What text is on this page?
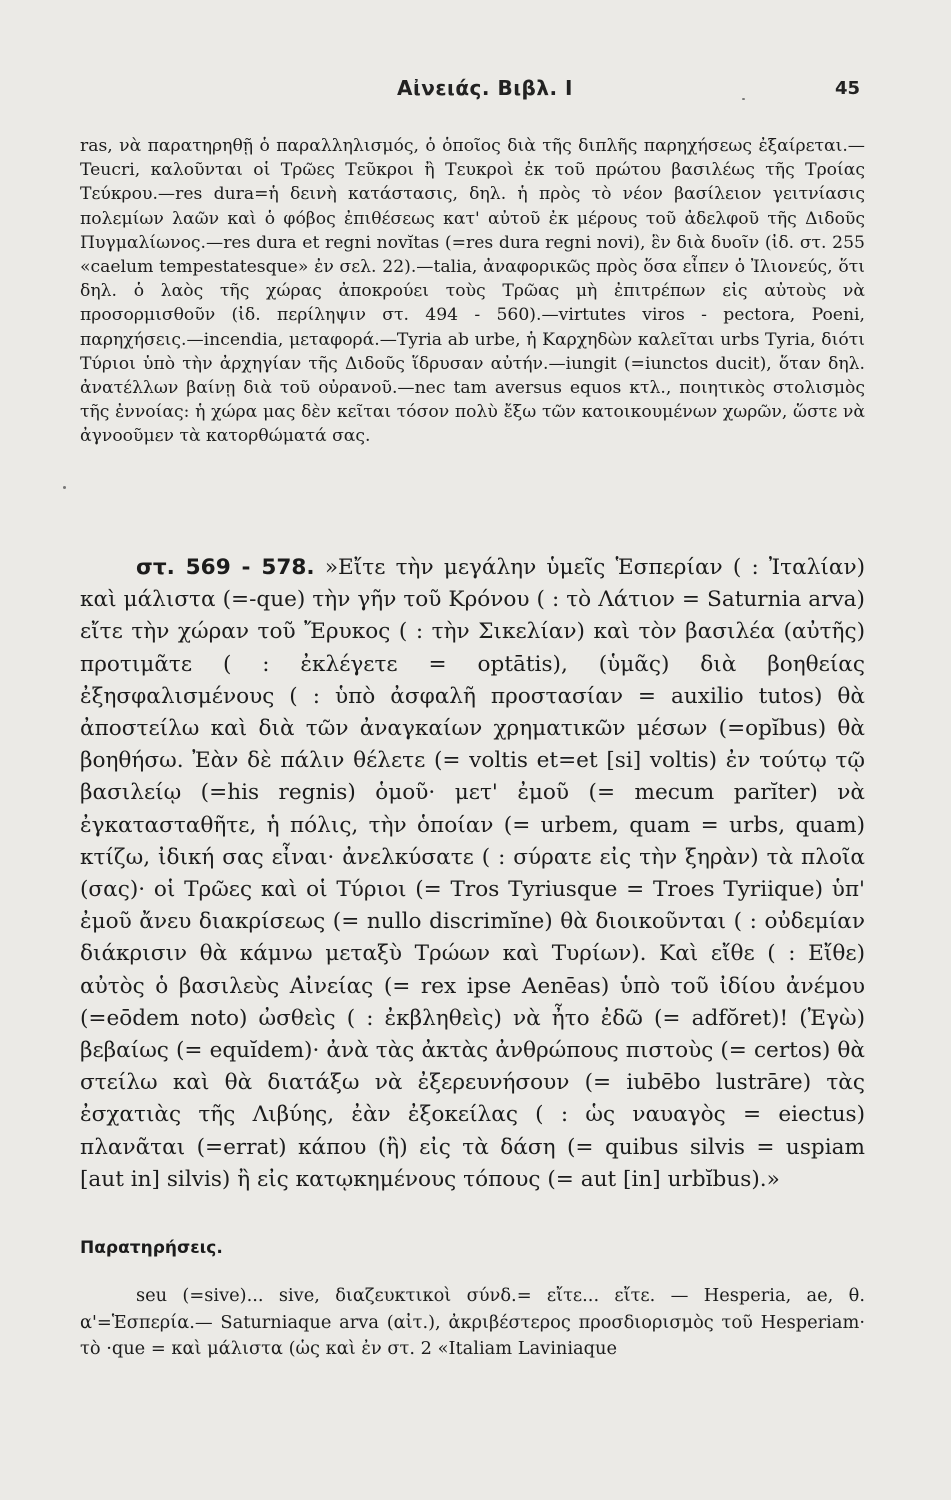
Αἰνειάς. Βιβλ. Ι	45

ras, νὰ παρατηρηθῇ ὁ παραλληλισμός, ὁ ὁποῖος διὰ τῆς διπλῆς παρηχήσεως ἐξαίρεται.— Teucri, καλοῦνται οἱ Τρῶες Τεῦκροι ἢ Τευκροὶ ἐκ τοῦ πρώτου βασιλέως τῆς Τροίας Τεύκρου.—res dura=ἡ δεινὴ κατάστασις, δηλ. ἡ πρὸς τὸ νέον βασίλειον γειτνίασις πολεμίων λαῶν καὶ ὁ φόβος ἐπιθέσεως κατ' αὐτοῦ ἐκ μέρους τοῦ ἀδελφοῦ τῆς Διδοῦς Πυγμαλίωνος.—res dura et regni novĭtas (=res dura regni novi), ἓν διὰ δυοῖν (ἰδ. στ. 255 «caelum tempestatesque» ἐν σελ. 22).—talia, ἀναφορικῶς πρὸς ὅσα εἶπεν ὁ Ἰλιονεύς, ὅτι δηλ. ὁ λαὸς τῆς χώρας ἀποκρούει τοὺς Τρῶας μὴ ἐπιτρέπων εἰς αὐτοὺς νὰ προσορμισθοῦν (ἰδ. περίληψιν στ. 494 - 560).—virtutes viros - pectora, Poeni, παρηχήσεις.—incendia, μεταφορά.—Tyria ab urbe, ἡ Καρχηδὼν καλεῖται urbs Tyria, διότι Τύριοι ὑπὸ τὴν ἀρχηγίαν τῆς Διδοῦς ἵδρυσαν αὐτήν.—iungit (=iunctos ducit), ὅταν δηλ. ἀνατέλλων βαίνῃ διὰ τοῦ οὐρανοῦ.—nec tam aversus equos κτλ., ποιητικὸς στολισμὸς τῆς ἐννοίας: ἡ χώρα μας δὲν κεῖται τόσον πολὺ ἔξω τῶν κατοικουμένων χωρῶν, ὥστε νὰ ἀγνοοῦμεν τὰ κατορθώματά σας.

στ. 569 - 578. »Εἴτε τὴν μεγάλην ὑμεῖς Ἑσπερίαν ( : Ἰταλίαν) καὶ μάλιστα (=-que) τὴν γῆν τοῦ Κρόνου ( : τὸ Λάτιον = Saturnia arva) εἴτε τὴν χώραν τοῦ Ἔρυκος ( : τὴν Σικελίαν) καὶ τὸν βασιλέα (αὐτῆς) προτιμᾶτε ( : ἐκλέγετε = optātis), (ὑμᾶς) διὰ βοηθείας ἐξησφαλισμένους ( : ὑπὸ ἀσφαλῆ προστασίαν = auxilio tutos) θὰ ἀποστείλω καὶ διὰ τῶν ἀναγκαίων χρηματικῶν μέσων (=opĭbus) θὰ βοηθήσω. Ἐὰν δὲ πάλιν θέλετε (= voltis et=et [si] voltis) ἐν τούτῳ τῷ βασιλείῳ (=his regnis) ὁμοῦ· μετ' ἐμοῦ (= mecum parĭter) νὰ ἐγκατασταθῆτε, ἡ πόλις, τὴν ὁποίαν (= urbem, quam = urbs, quam) κτίζω, ἰδική σας εἶναι· ἀνελκύσατε ( : σύρατε εἰς τὴν ξηρὰν) τὰ πλοῖα (σας)· οἱ Τρῶες καὶ οἱ Τύριοι (= Tros Tyriusque = Troes Tyriique) ὑπ' ἐμοῦ ἄνευ διακρίσεως (= nullo discrimĭne) θὰ διοικοῦνται ( : οὐδεμίαν διάκρισιν θὰ κάμνω μεταξὺ Τρώων καὶ Τυρίων). Καὶ εἴθε ( : Εἴθε) αὐτὸς ὁ βασιλεὺς Αἰνείας (= rex ipse Aenēas) ὑπὸ τοῦ ἰδίου ἀνέμου (=eōdem noto) ὠσθεὶς ( : ἐκβληθεὶς) νὰ ἦτο ἐδῶ (= adfŏret)! (Ἐγὼ) βεβαίως (= equĭdem)· ἀνὰ τὰς ἀκτὰς ἀνθρώπους πιστοὺς (= certos) θὰ στείλω καὶ θὰ διατάξω νὰ ἐξερευνήσουν (= iubēbo lustrāre) τὰς ἐσχατιὰς τῆς Λιβύης, ἐὰν ἐξοκείλας ( : ὡς ναυαγὸς = eiectus) πλανᾶται (=errat) κάπου (ἢ) εἰς τὰ δάση (= quibus silvis = uspiam [aut in] silvis) ἢ εἰς κατῳκημένους τόπους (= aut [in] urbĭbus).»

Παρατηρήσεις.

seu (=sive)... sive, διαζευκτικοὶ σύνδ.= εἴτε... εἴτε. — Hesperia, ae, θ. α'=Ἑσπερία.— Saturniaque arva (αἰτ.), ἀκριβέστερος προσδιορισμὸς τοῦ Hesperiam· τὸ ·que = καὶ μάλιστα (ὡς καὶ ἐν στ. 2 «Italiam Laviniaque
